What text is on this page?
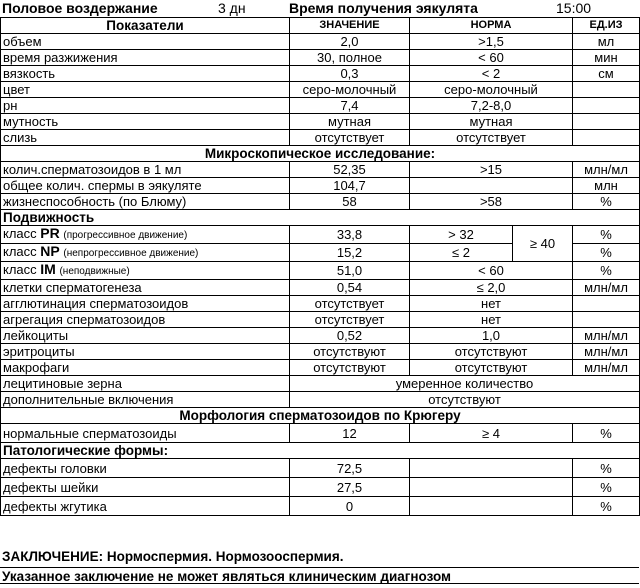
Половое воздержание	3 дн	Время получения эякулята	15:00
Показатели	ЗНАЧЕНИЕ	НОРМА		ЕД.ИЗ
объем	2,0	>1,5		мл
время разжижения	30, полное	< 60		мин
вязкость	0,3	< 2		см
цвет	серо-молочный	серо-молочный		
рн	7,4	7,2-8,0		
мутность	мутная	мутная		
слизь	отсутствует	отсутствует		
Микроскопическое исследование:				
колич.сперматозоидов в 1 мл	52,35	>15		млн/мл
общее колич. спермы в эякуляте	104,7			млн
жизнеспособность (по Блюму)	58	>58		%
Подвижность				
класс PR (прогрессивное движение)	33,8	> 32	≥ 40	%
класс NP (непрогрессивное движение)	15,2	≤ 2		%
класс IM (неподвижные)	51,0	< 60		%
клетки сперматогенеза	0,54	≤ 2,0		млн/мл
агглютинация сперматозоидов	отсутствует	нет		
агрегация сперматозоидов	отсутствует	нет		
лейкоциты	0,52	1,0		млн/мл
эритроциты	отсутствуют	отсутствуют		млн/мл
макрофаги	отсутствуют	отсутствуют		млн/мл
лецитиновые зерна	умеренное количество			
дополнительные включения	отсутствуют			
Морфология сперматозоидов по Крюгеру				
нормальные сперматозоиды	12	≥ 4		%
Патологические формы:				
дефекты головки	72,5			%
дефекты шейки	27,5			%
дефекты жгутика	0			%
ЗАКЛЮЧЕНИЕ: Нормоспермия. Нормозооспермия.
Указанное заключение не может являться клиническим диагнозом
